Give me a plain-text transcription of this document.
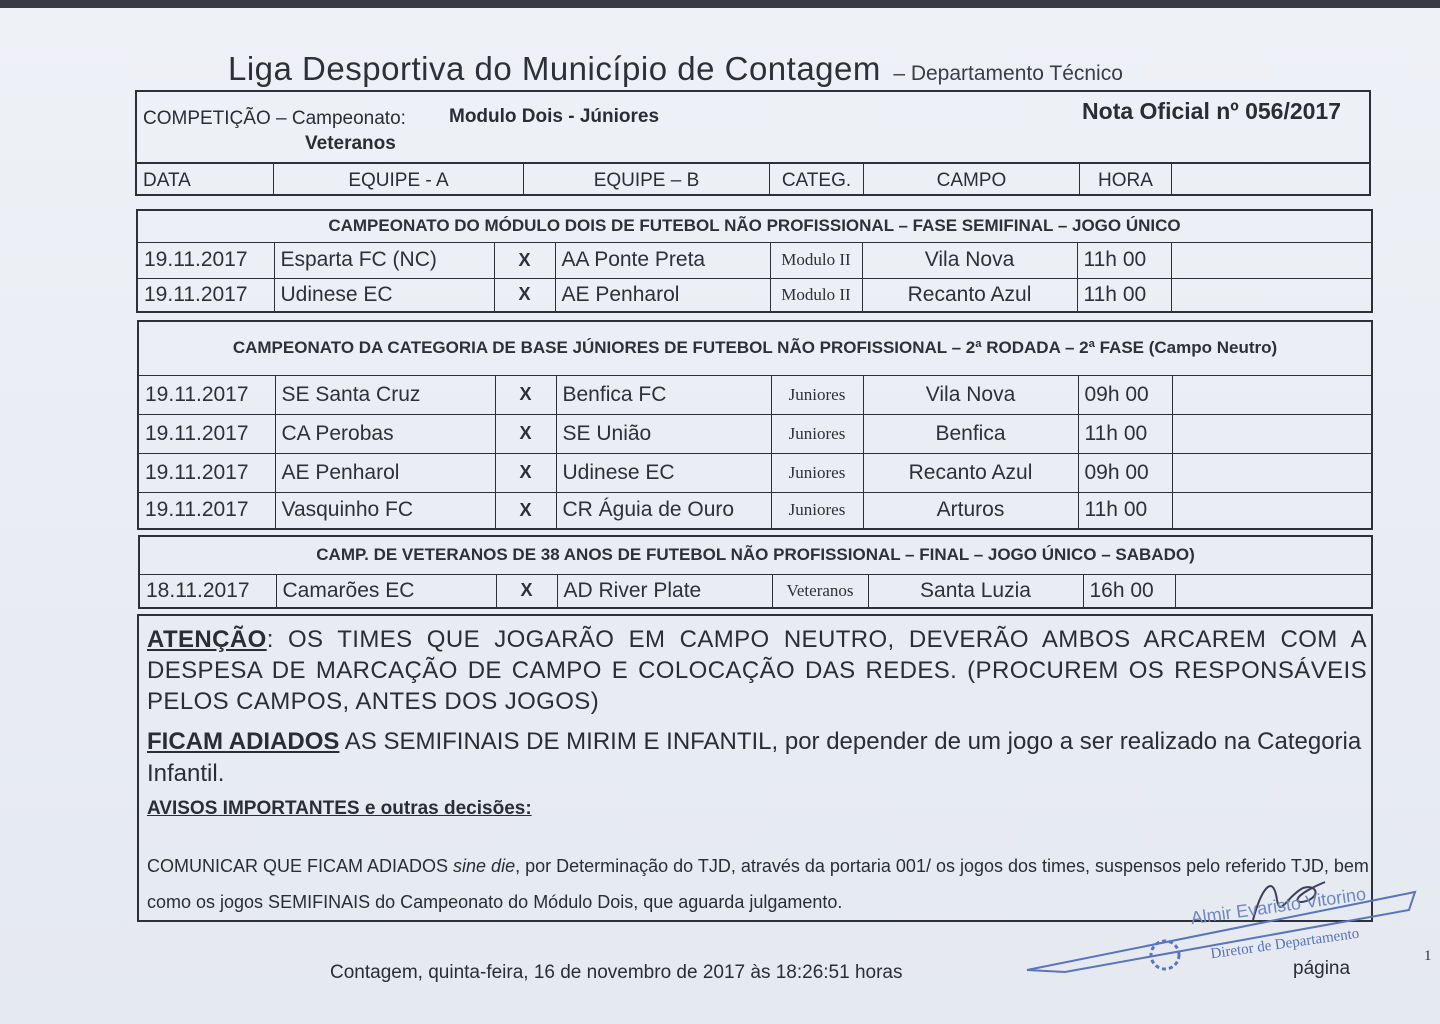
Liga Desportiva do Município de Contagem – Departamento Técnico
COMPETIÇÃO – Campeonato: Modulo Dois - Júniores
Veteranos
Nota Oficial nº 056/2017
DATA	EQUIPE - A	EQUIPE – B	CATEG.	CAMPO	HORA
CAMPEONATO DO MÓDULO DOIS DE FUTEBOL NÃO PROFISSIONAL – FASE SEMIFINAL – JOGO ÚNICO							
19.11.2017	Esparta FC (NC)	X	AA Ponte Preta	Modulo II	Vila Nova	11h 00	
19.11.2017	Udinese EC	X	AE Penharol	Modulo II	Recanto Azul	11h 00	
CAMPEONATO DA CATEGORIA DE BASE JÚNIORES DE FUTEBOL NÃO PROFISSIONAL – 2ª RODADA – 2ª FASE (Campo Neutro)							
19.11.2017	SE Santa Cruz	X	Benfica FC	Juniores	Vila Nova	09h 00	
19.11.2017	CA Perobas	X	SE União	Juniores	Benfica	11h 00	
19.11.2017	AE Penharol	X	Udinese EC	Juniores	Recanto Azul	09h 00	
19.11.2017	Vasquinho FC	X	CR Águia de Ouro	Juniores	Arturos	11h 00	
CAMP. DE VETERANOS DE 38 ANOS DE FUTEBOL NÃO PROFISSIONAL – FINAL – JOGO ÚNICO – SABADO)
18.11.2017	Camarões EC	X	AD River Plate	Veteranos	Santa Luzia	16h 00	
ATENÇÃO: OS TIMES QUE JOGARÃO EM CAMPO NEUTRO, DEVERÃO AMBOS ARCAREM COM A DESPESA DE MARCAÇÃO DE CAMPO E COLOCAÇÃO DAS REDES. (PROCUREM OS RESPONSÁVEIS PELOS CAMPOS, ANTES DOS JOGOS)
FICAM ADIADOS AS SEMIFINAIS DE MIRIM E INFANTIL, por depender de um jogo a ser realizado na Categoria Infantil.
AVISOS IMPORTANTES e outras decisões:
COMUNICAR QUE FICAM ADIADOS sine die, por Determinação do TJD, através da portaria 001/ os jogos dos times, suspensos pelo referido TJD, bem como os jogos SEMIFINAIS do Campeonato do Módulo Dois, que aguarda julgamento.	Almir Evaristo Vitorino
Diretor de Departamento
Contagem, quinta-feira, 16 de novembro de 2017 às 18:26:51 horas	página
1
